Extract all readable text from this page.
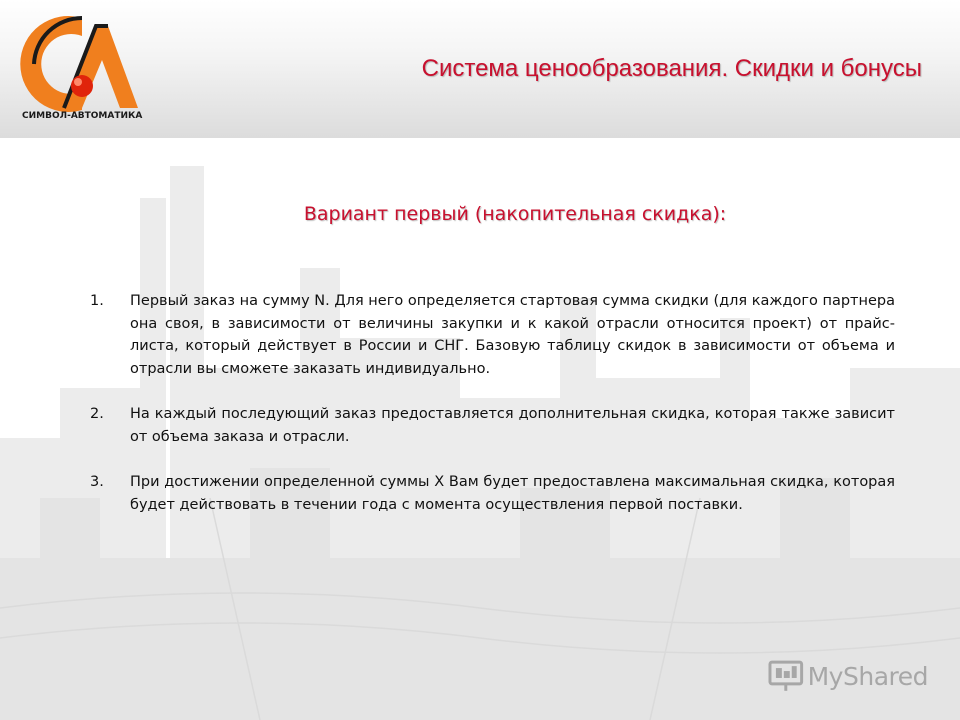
СИМВОЛ-АВТОМАТИКА
Система ценообразования. Скидки и бонусы
Вариант первый (накопительная скидка):
1.	Первый заказ на сумму N. Для него определяется стартовая сумма скидки (для каждого партнера она своя, в зависимости от величины закупки и к какой отрасли относится проект) от прайс-листа, который действует в России и СНГ. Базовую таблицу скидок в зависимости от объема и отрасли вы сможете заказать индивидуально.
2.	На каждый последующий заказ предоставляется дополнительная скидка, которая также зависит от объема заказа и отрасли.
3.	При достижении определенной суммы X Вам будет предоставлена максимальная скидка, которая будет действовать в течении года с момента осуществления первой поставки.
MyShared
